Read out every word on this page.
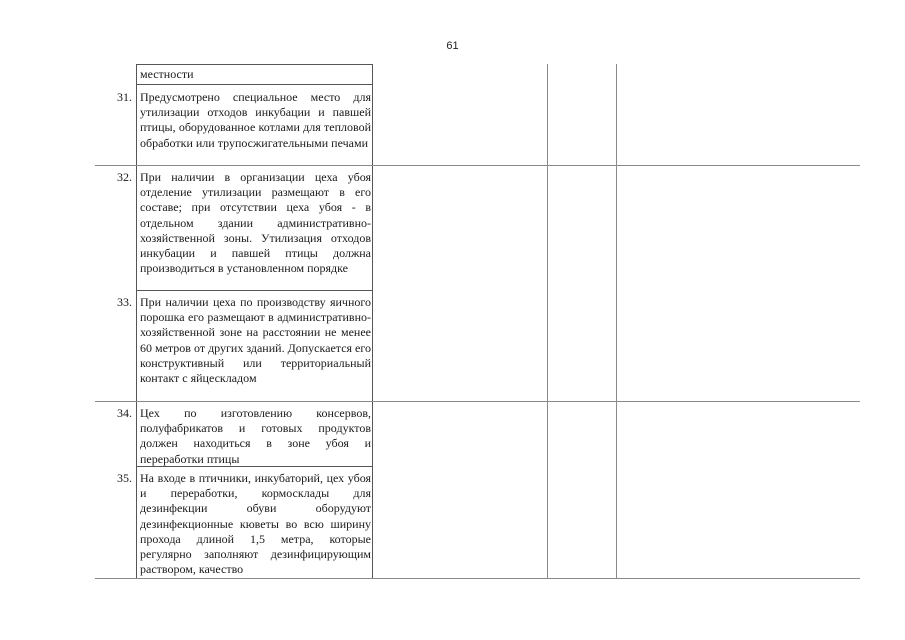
61
местности
31. Предусмотрено специальное место для утилизации отходов инкубации и павшей птицы, оборудованное котлами для тепловой обработки или трупосжигательными печами
32. При наличии в организации цеха убоя отделение утилизации размещают в его составе; при отсутствии цеха убоя - в отдельном здании административно-хозяйственной зоны. Утилизация отходов инкубации и павшей птицы должна производиться в установленном порядке
33. При наличии цеха по производству яичного порошка его размещают в административно-хозяйственной зоне на расстоянии не менее 60 метров от других зданий. Допускается его конструктивный или территориальный контакт с яйцескладом
34. Цех по изготовлению консервов, полуфабрикатов и готовых продуктов должен находиться в зоне убоя и переработки птицы
35. На входе в птичники, инкубаторий, цех убоя и переработки, кормосклады для дезинфекции обуви оборудуют дезинфекционные кюветы во всю ширину прохода длиной 1,5 метра, которые регулярно заполняют дезинфицирующим раствором, качество
